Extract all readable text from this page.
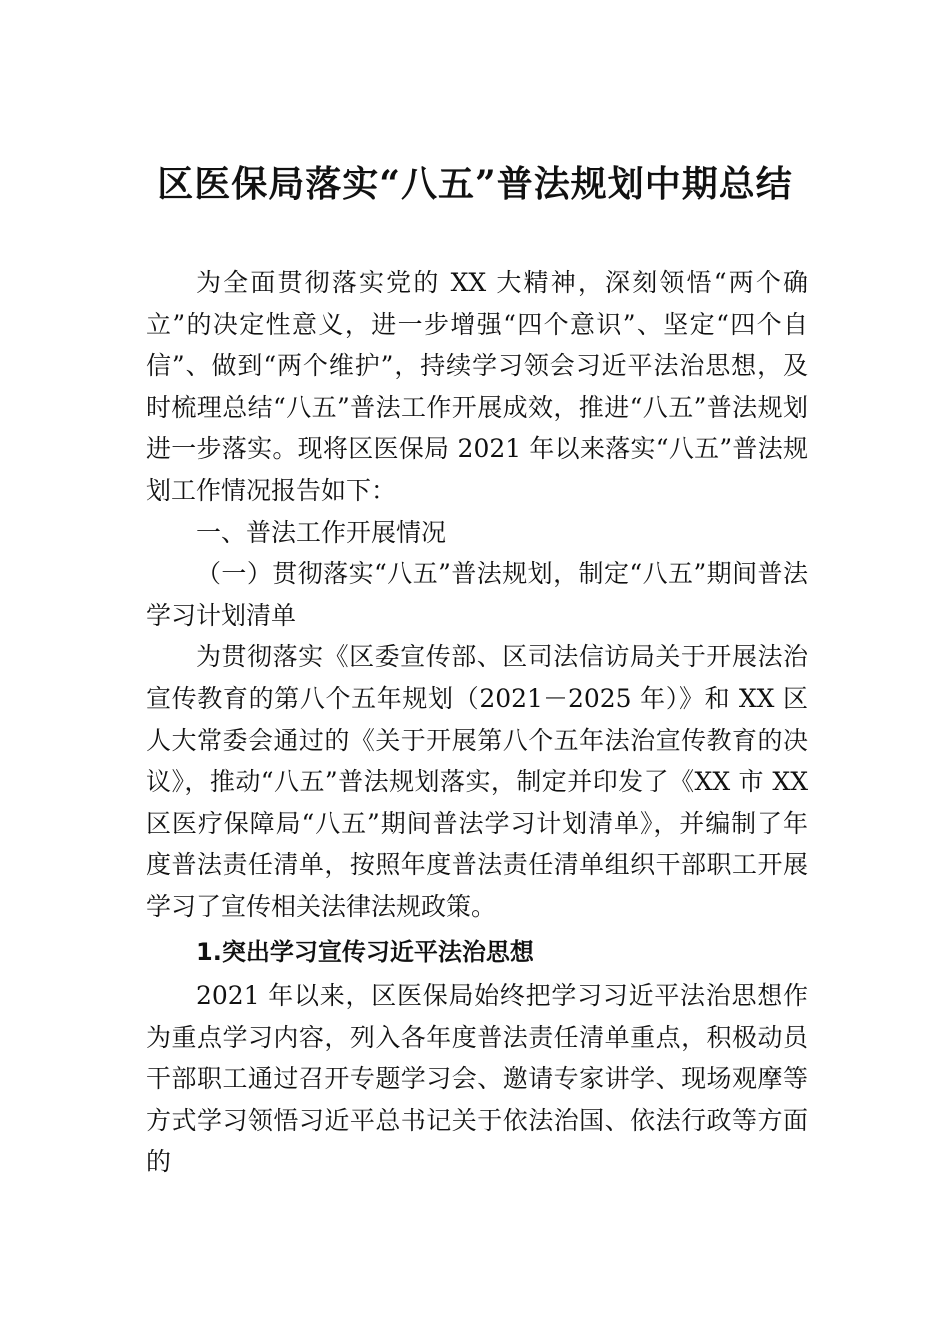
区医保局落实“八五”普法规划中期总结

为全面贯彻落实党的 XX 大精神，深刻领悟“两个确立”的决定性意义，进一步增强“四个意识”、坚定“四个自信”、做到“两个维护”，持续学习领会习近平法治思想，及时梳理总结“八五”普法工作开展成效，推进“八五”普法规划进一步落实。现将区医保局 2021 年以来落实“八五”普法规划工作情况报告如下：

一、普法工作开展情况

（一）贯彻落实“八五”普法规划，制定“八五”期间普法学习计划清单

为贯彻落实《区委宣传部、区司法信访局关于开展法治宣传教育的第八个五年规划（2021－2025 年）》和 XX 区人大常委会通过的《关于开展第八个五年法治宣传教育的决议》，推动“八五”普法规划落实，制定并印发了《XX 市 XX 区医疗保障局“八五”期间普法学习计划清单》，并编制了年度普法责任清单，按照年度普法责任清单组织干部职工开展学习了宣传相关法律法规政策。

1.突出学习宣传习近平法治思想

2021 年以来，区医保局始终把学习习近平法治思想作为重点学习内容，列入各年度普法责任清单重点，积极动员干部职工通过召开专题学习会、邀请专家讲学、现场观摩等方式学习领悟习近平总书记关于依法治国、依法行政等方面的
